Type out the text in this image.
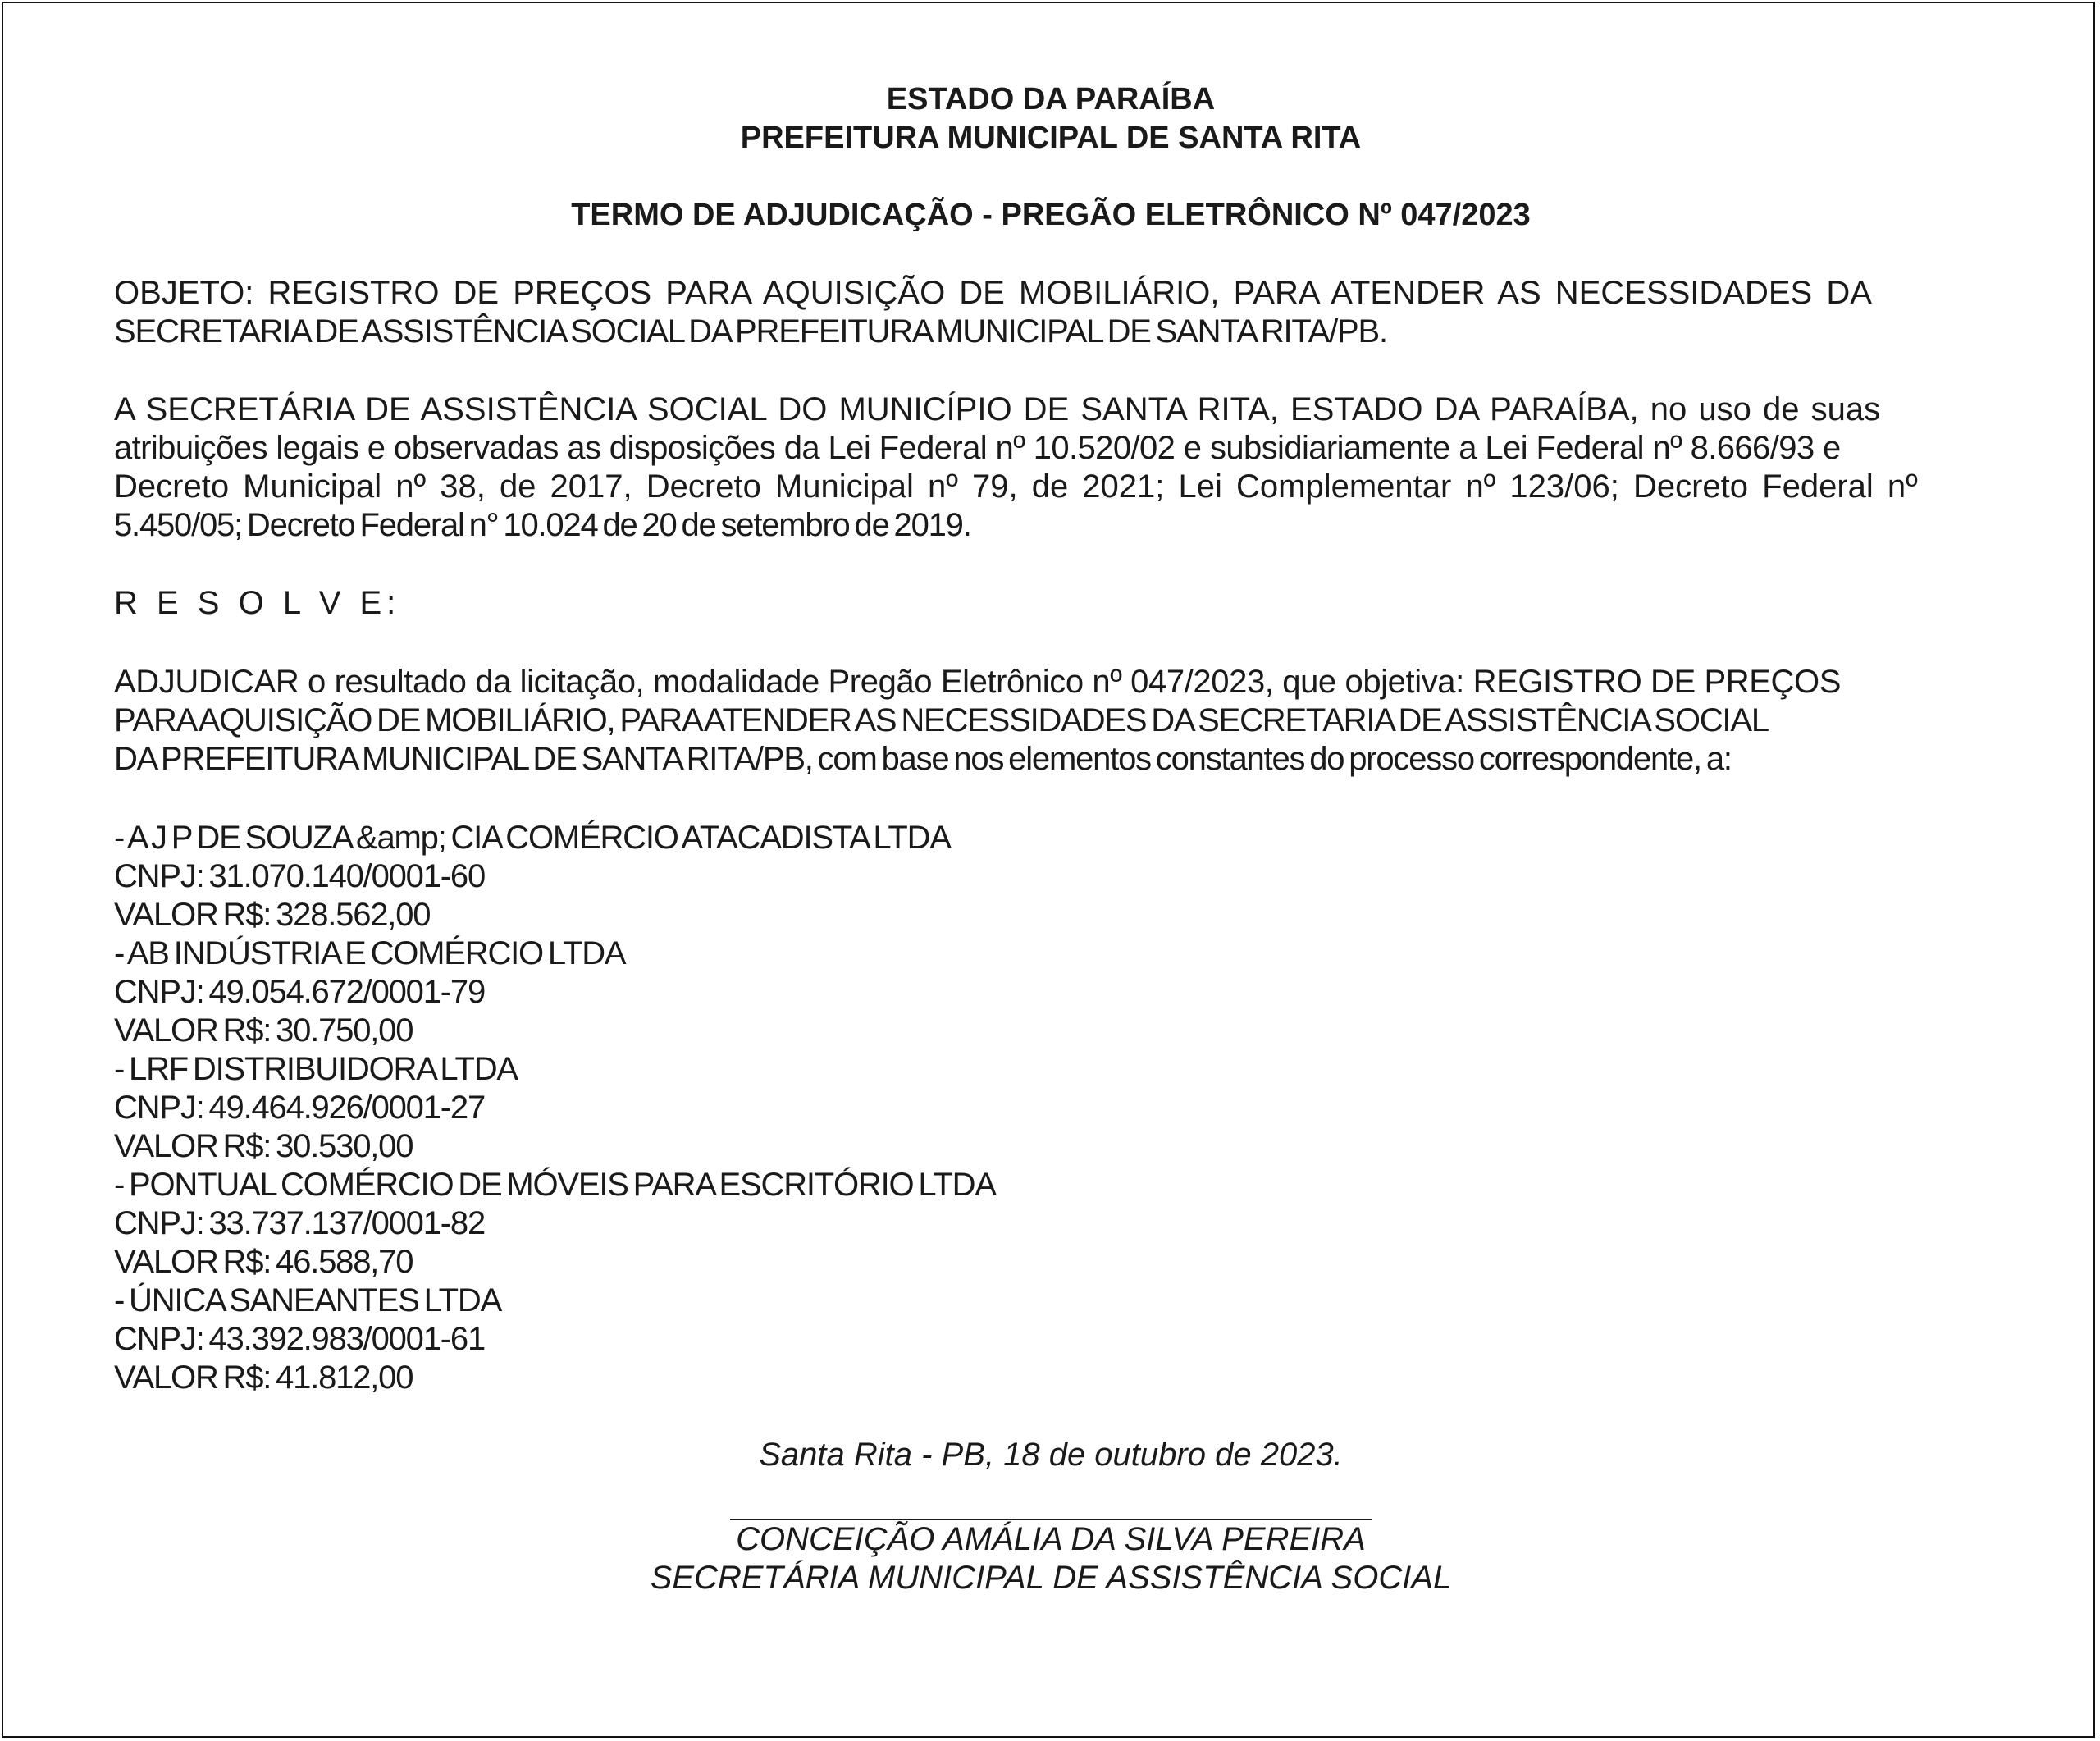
ESTADO DA PARAÍBA
PREFEITURA MUNICIPAL DE SANTA RITA
TERMO DE ADJUDICAÇÃO - PREGÃO ELETRÔNICO Nº 047/2023
OBJETO: REGISTRO DE PREÇOS PARA AQUISIÇÃO DE MOBILIÁRIO, PARA ATENDER AS NECESSIDADES DA
SECRETARIA DE ASSISTÊNCIA SOCIAL DA PREFEITURA MUNICIPAL DE SANTA RITA/PB.
A SECRETÁRIA DE ASSISTÊNCIA SOCIAL DO MUNICÍPIO DE SANTA RITA, ESTADO DA PARAÍBA, no uso de suas
atribuições legais e observadas as disposições da Lei Federal nº 10.520/02 e subsidiariamente a Lei Federal nº 8.666/93 e
Decreto Municipal nº 38, de 2017, Decreto Municipal nº 79, de 2021; Lei Complementar nº 123/06; Decreto Federal nº
5.450/05; Decreto Federal n° 10.024 de 20 de setembro de 2019.
R E S O L V E:
ADJUDICAR o resultado da licitação, modalidade Pregão Eletrônico nº 047/2023, que objetiva: REGISTRO DE PREÇOS
PARA AQUISIÇÃO DE MOBILIÁRIO, PARA ATENDER AS NECESSIDADES DA SECRETARIA DE ASSISTÊNCIA SOCIAL
DA PREFEITURA MUNICIPAL DE SANTA RITA/PB, com base nos elementos constantes do processo correspondente, a:
- A J P DE SOUZA &amp; CIA COMÉRCIO ATACADISTA LTDA
CNPJ: 31.070.140/0001-60
VALOR R$: 328.562,00
- AB INDÚSTRIA E COMÉRCIO LTDA
CNPJ: 49.054.672/0001-79
VALOR R$: 30.750,00
- LRF DISTRIBUIDORA LTDA
CNPJ: 49.464.926/0001-27
VALOR R$: 30.530,00
- PONTUAL COMÉRCIO DE MÓVEIS PARA ESCRITÓRIO LTDA
CNPJ: 33.737.137/0001-82
VALOR R$: 46.588,70
- ÚNICA SANEANTES LTDA
CNPJ: 43.392.983/0001-61
VALOR R$: 41.812,00
Santa Rita - PB, 18 de outubro de 2023.
CONCEIÇÃO AMÁLIA DA SILVA PEREIRA
SECRETÁRIA MUNICIPAL DE ASSISTÊNCIA SOCIAL
